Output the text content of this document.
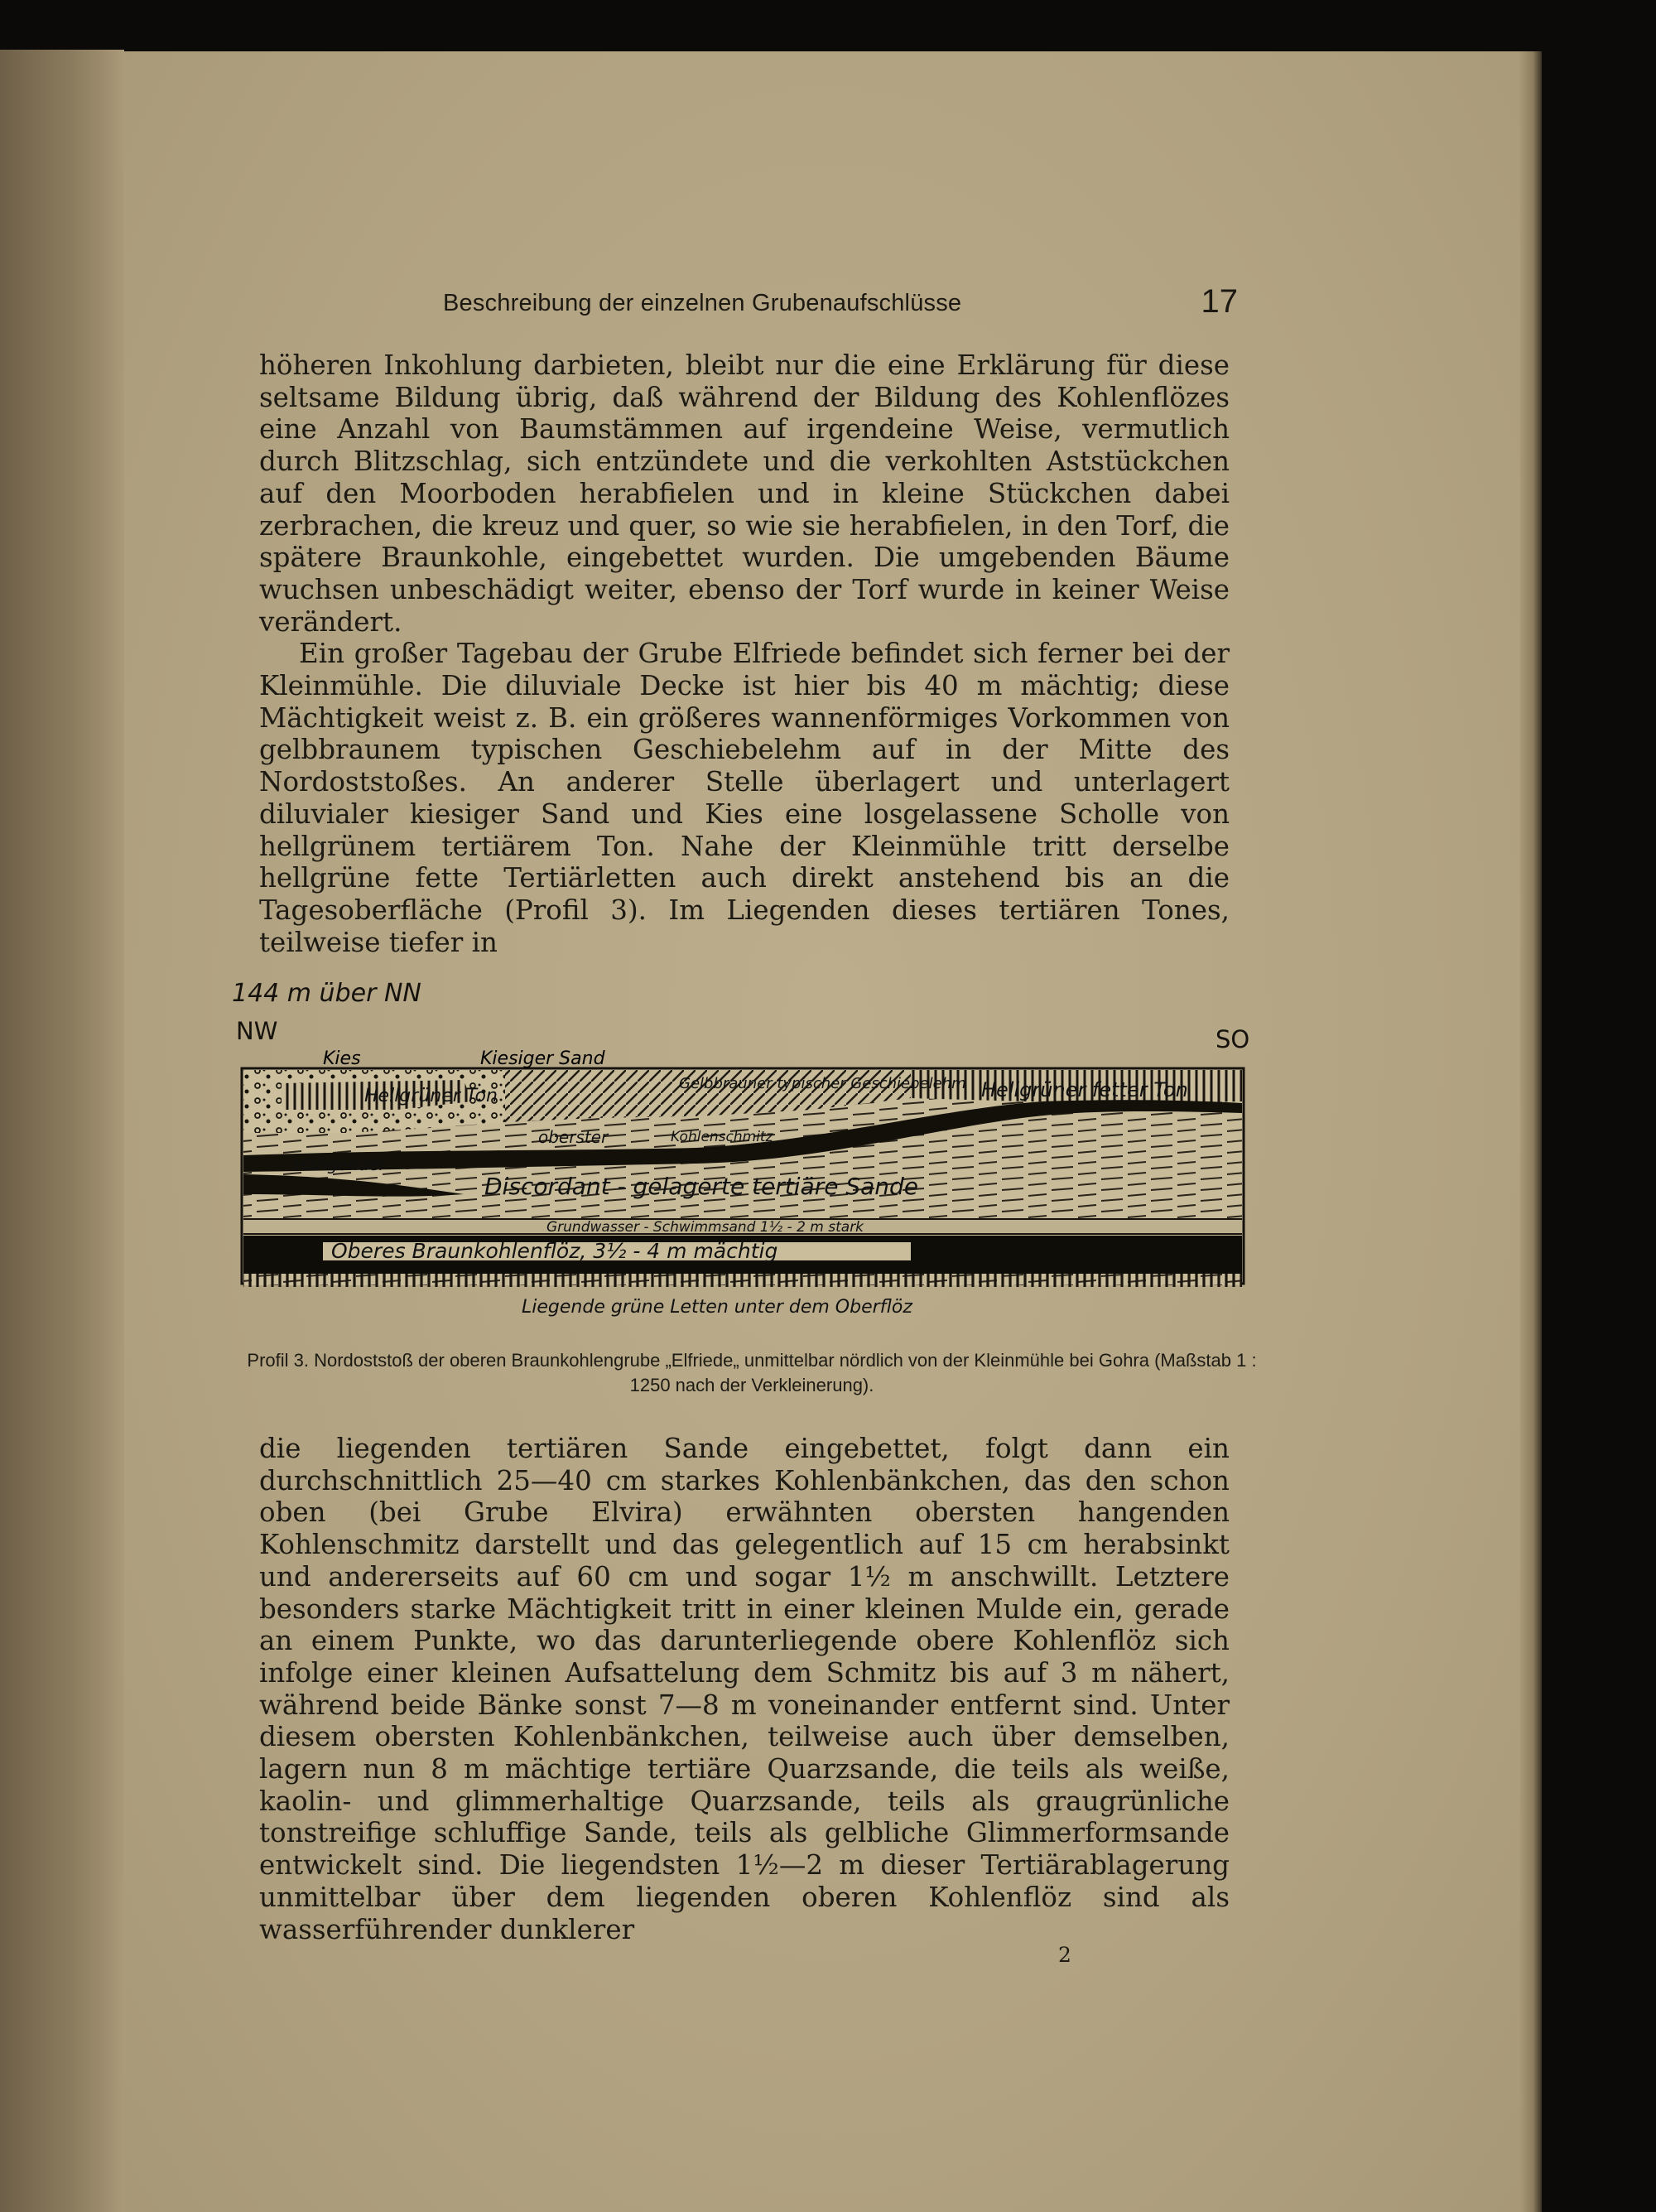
Beschreibung der einzelnen Grubenaufschlüsse	17

höheren Inkohlung darbieten, bleibt nur die eine Erklärung für diese seltsame Bildung übrig, daß während der Bildung des Kohlenflözes eine Anzahl von Baumstämmen auf irgendeine Weise, vermutlich durch Blitzschlag, sich entzündete und die verkohlten Aststückchen auf den Moorboden herabfielen und in kleine Stückchen dabei zerbrachen, die kreuz und quer, so wie sie herabfielen, in den Torf, die spätere Braunkohle, eingebettet wurden. Die umgebenden Bäume wuchsen unbeschädigt weiter, ebenso der Torf wurde in keiner Weise verändert.

Ein großer Tagebau der Grube Elfriede befindet sich ferner bei der Kleinmühle. Die diluviale Decke ist hier bis 40 m mächtig; diese Mächtigkeit weist z. B. ein größeres wannenförmiges Vorkommen von gelbbraunem typischen Geschiebelehm auf in der Mitte des Nordoststoßes. An anderer Stelle überlagert und unterlagert diluvialer kiesiger Sand und Kies eine losgelassene Scholle von hellgrünem tertiärem Ton. Nahe der Kleinmühle tritt derselbe hellgrüne fette Tertiärletten auch direkt anstehend bis an die Tagesoberfläche (Profil 3). Im Liegenden dieses tertiären Tones, teilweise tiefer in

144 m über NN
NW	SO
Kies	Kiesiger Sand
Hellgrüner Ton
Gelbbrauner typischer Geschiebelehm Hellgrüner fetter Ton
oberster	Kohlenschmitz
Hangender
Discordant - gelagerte tertiäre Sande
Grundwasser - Schwimmsand 1½ - 2 m stark
Oberes Braunkohlenflöz, 3½ - 4 m mächtig
Liegende grüne Letten unter dem Oberflöz
Profil 3. Nordoststoß der oberen Braunkohlengrube „Elfriede„ unmittelbar nördlich von der Kleinmühle bei Gohra (Maßstab 1 : 1250 nach der Verkleinerung).

die liegenden tertiären Sande eingebettet, folgt dann ein durchschnittlich 25—40 cm starkes Kohlenbänkchen, das den schon oben (bei Grube Elvira) erwähnten obersten hangenden Kohlenschmitz darstellt und das gelegentlich auf 15 cm herabsinkt und andererseits auf 60 cm und sogar 1½ m anschwillt. Letztere besonders starke Mächtigkeit tritt in einer kleinen Mulde ein, gerade an einem Punkte, wo das darunterliegende obere Kohlenflöz sich infolge einer kleinen Aufsattelung dem Schmitz bis auf 3 m nähert, während beide Bänke sonst 7—8 m voneinander entfernt sind. Unter diesem obersten Kohlenbänkchen, teilweise auch über demselben, lagern nun 8 m mächtige tertiäre Quarzsande, die teils als weiße, kaolin- und glimmerhaltige Quarzsande, teils als graugrünliche tonstreifige schluffige Sande, teils als gelbliche Glimmerformsande entwickelt sind. Die liegendsten 1½—2 m dieser Tertiärablagerung unmittelbar über dem liegenden oberen Kohlenflöz sind als wasserführender dunklerer

2
